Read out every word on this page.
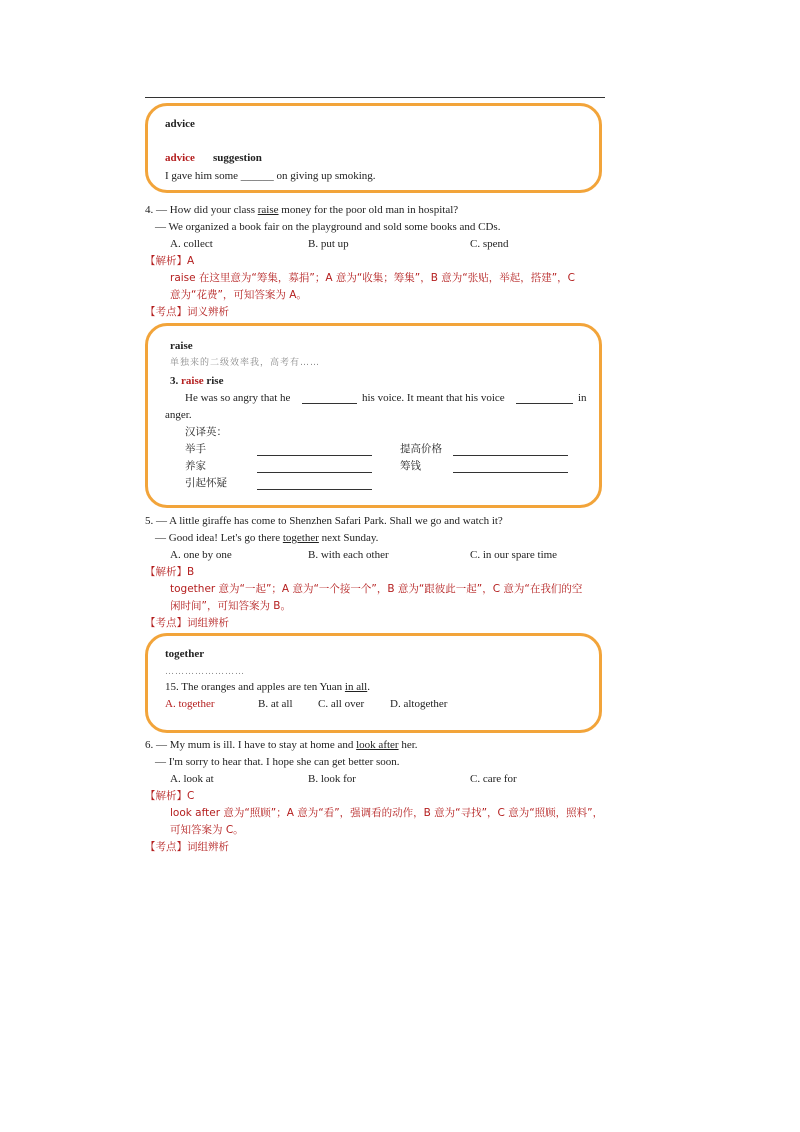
advice
advice suggestion
I gave him some ______ on giving up smoking.
4. — How did your class raise money for the poor old man in hospital?
— We organized a book fair on the playground and sold some books and CDs.
A. collect	B. put up	C. spend
【解析】A
raise 在这里意为“筹集，募捐”；A 意为“收集；筹集”，B 意为“张贴，举起，搭建”，C
意为“花费”，可知答案为 A。
【考点】词义辨析
raise
单独来的二级效率我，高考有……
3. raise rise
He was so angry that he	his voice. It meant that his voice	in
anger.
汉译英：
举手	提高价格
养家	筹钱
引起怀疑
5. — A little giraffe has come to Shenzhen Safari Park. Shall we go and watch it?
— Good idea! Let's go there together next Sunday.
A. one by one	B. with each other	C. in our spare time
【解析】B
together 意为“一起”；A 意为“一个接一个”，B 意为“跟彼此一起”，C 意为“在我们的空
闲时间”，可知答案为 B。
【考点】词组辨析
together
……………………
15. The oranges and apples are ten Yuan in all.
A. together	B. at all C. all over D. altogether
6. — My mum is ill. I have to stay at home and look after her.
— I'm sorry to hear that. I hope she can get better soon.
A. look at	B. look for	C. care for
【解析】C
look after 意为“照顾”；A 意为“看”，强调看的动作，B 意为“寻找”，C 意为“照顾，照料”，
可知答案为 C。
【考点】词组辨析
